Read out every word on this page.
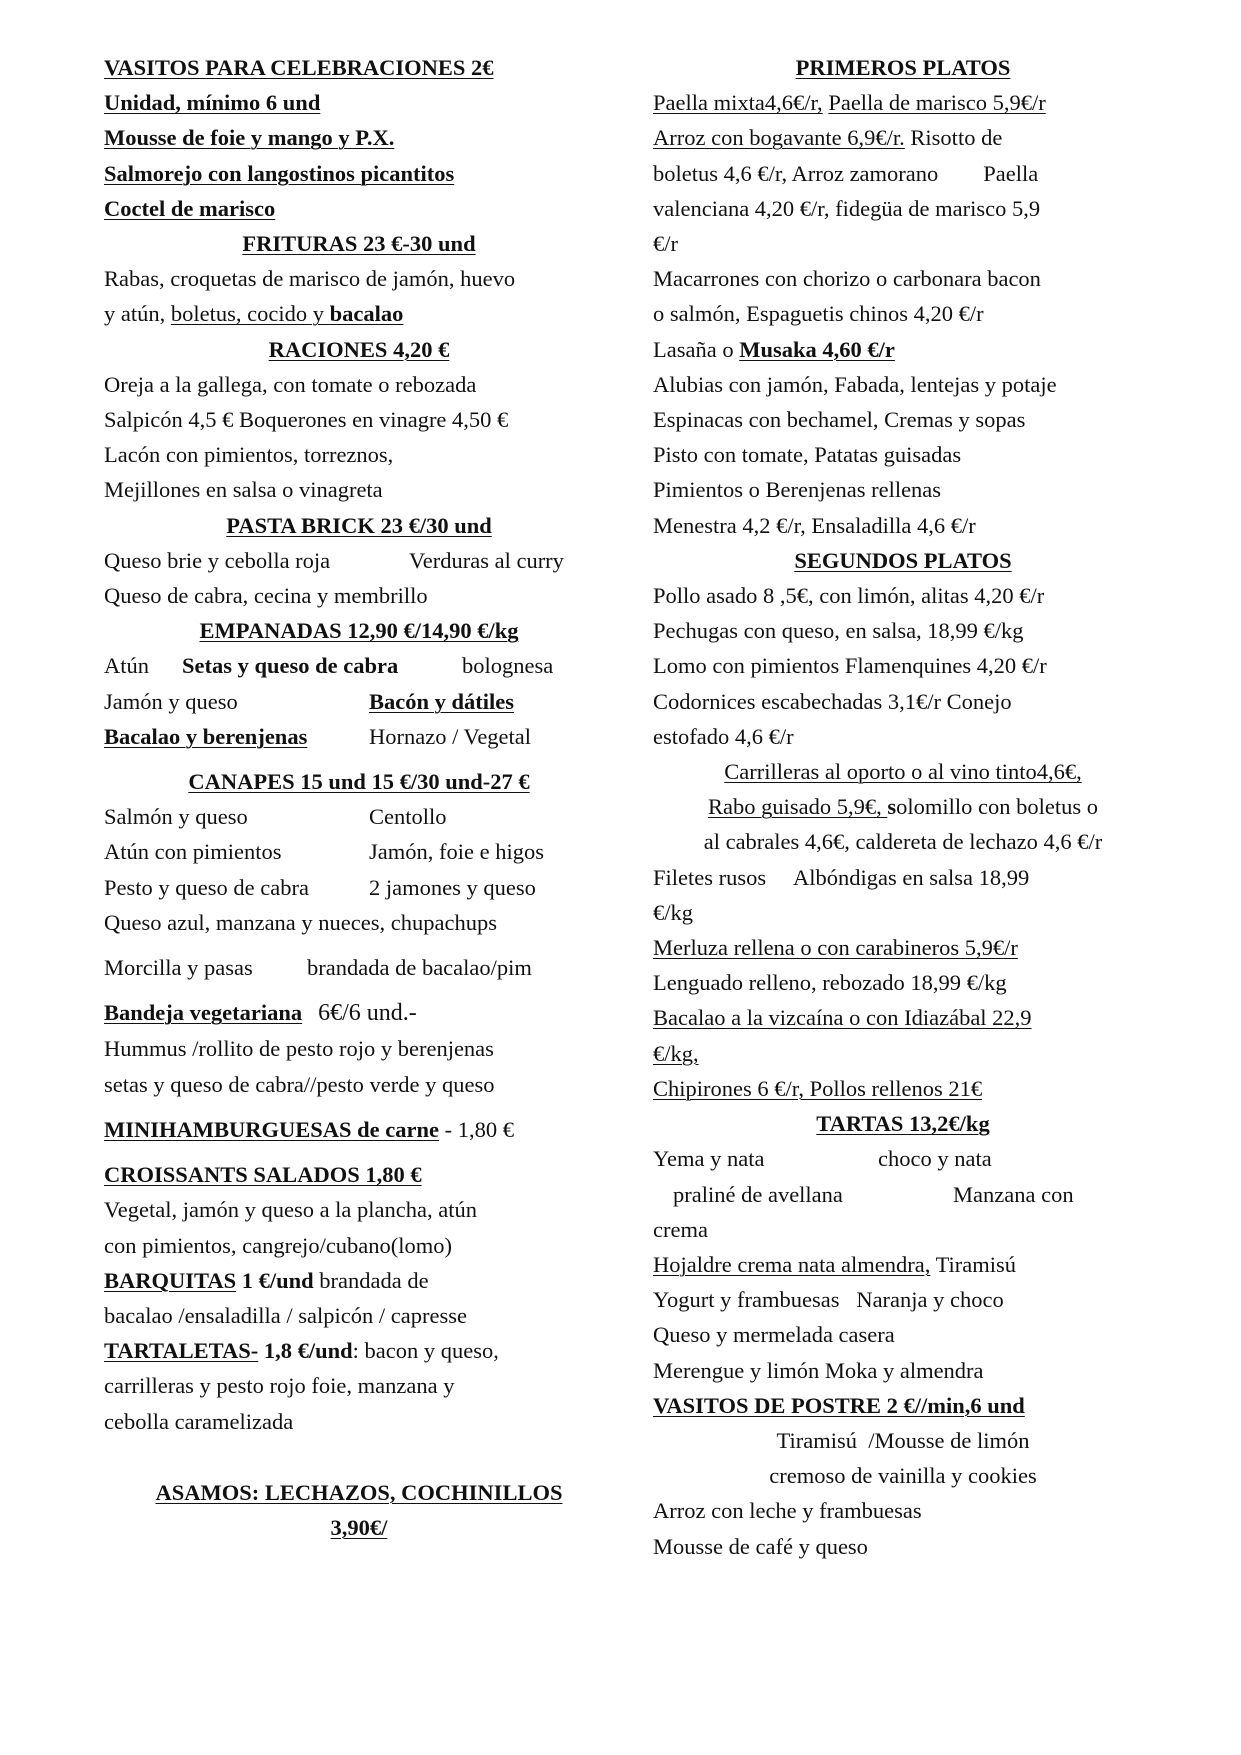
VASITOS PARA CELEBRACIONES 2€
Unidad, mínimo 6 und
Mousse de foie y mango y P.X.
Salmorejo con langostinos picantitos
Coctel de marisco
FRITURAS 23 €-30 und
Rabas, croquetas de marisco de jamón, huevo
y atún, boletus, cocido y bacalao
RACIONES 4,20 €
Oreja a la gallega, con tomate o rebozada
Salpicón 4,5 € Boquerones en vinagre 4,50 €
Lacón con pimientos, torreznos,
Mejillones en salsa o vinagreta
PASTA BRICK 23 €/30 und
Queso brie y cebolla roja	Verduras al curry
Queso de cabra, cecina y membrillo
EMPANADAS 12,90 €/14,90 €/kg
Atún Setas y queso de cabra	bolognesa
Jamón y queso	Bacón y dátiles
Bacalao y berenjenas	Hornazo / Vegetal
CANAPES 15 und 15 €/30 und-27 €
Salmón y queso	Centollo
Atún con pimientos	Jamón, foie e higos
Pesto y queso de cabra	2 jamones y queso
Queso azul, manzana y nueces, chupachups
Morcilla y pasas brandada de bacalao/pim
Bandeja vegetariana 6€/6 und.-
Hummus /rollito de pesto rojo y berenjenas
setas y queso de cabra//pesto verde y queso
MINIHAMBURGUESAS de carne - 1,80 €
CROISSANTS SALADOS 1,80 €
Vegetal, jamón y queso a la plancha, atún
con pimientos, cangrejo/cubano(lomo)
BARQUITAS 1 €/und brandada de
bacalao /ensaladilla / salpicón / capresse
TARTALETAS- 1,8 €/und: bacon y queso,
carrilleras y pesto rojo foie, manzana y
cebolla caramelizada
ASAMOS: LECHAZOS, COCHINILLOS
3,90€/
PRIMEROS PLATOS
Paella mixta4,6€/r, Paella de marisco 5,9€/r
Arroz con bogavante 6,9€/r. Risotto de
boletus 4,6 €/r, Arroz zamorano        Paella
valenciana 4,20 €/r, fidegüa de marisco 5,9
€/r
Macarrones con chorizo o carbonara bacon
o salmón, Espaguetis chinos 4,20 €/r
Lasaña o Musaka 4,60 €/r
Alubias con jamón, Fabada, lentejas y potaje
Espinacas con bechamel, Cremas y sopas
Pisto con tomate, Patatas guisadas
Pimientos o Berenjenas rellenas
Menestra 4,2 €/r, Ensaladilla 4,6 €/r
SEGUNDOS PLATOS
Pollo asado 8 ,5€, con limón, alitas 4,20 €/r
Pechugas con queso, en salsa, 18,99 €/kg
Lomo con pimientos Flamenquines 4,20 €/r
Codornices escabechadas 3,1€/r Conejo
estofado 4,6 €/r
Carrilleras al oporto o al vino tinto4,6€,
Rabo guisado 5,9€, solomillo con boletus o
al cabrales 4,6€, caldereta de lechazo 4,6 €/r
Filetes rusos     Albóndigas en salsa 18,99
€/kg
Merluza rellena o con carabineros 5,9€/r
Lenguado relleno, rebozado 18,99 €/kg
Bacalao a la vizcaína o con Idiazábal 22,9
€/kg,
Chipirones 6 €/r, Pollos rellenos 21€
TARTAS 13,2€/kg
Yema y nata	choco y nata
praliné de avellana	Manzana con
crema
Hojaldre crema nata almendra, Tiramisú
Yogurt y frambuesas   Naranja y choco
Queso y mermelada casera
Merengue y limón Moka y almendra
VASITOS DE POSTRE 2 €//min,6 und
Tiramisú  /Mousse de limón
cremoso de vainilla y cookies
Arroz con leche y frambuesas
Mousse de café y queso
